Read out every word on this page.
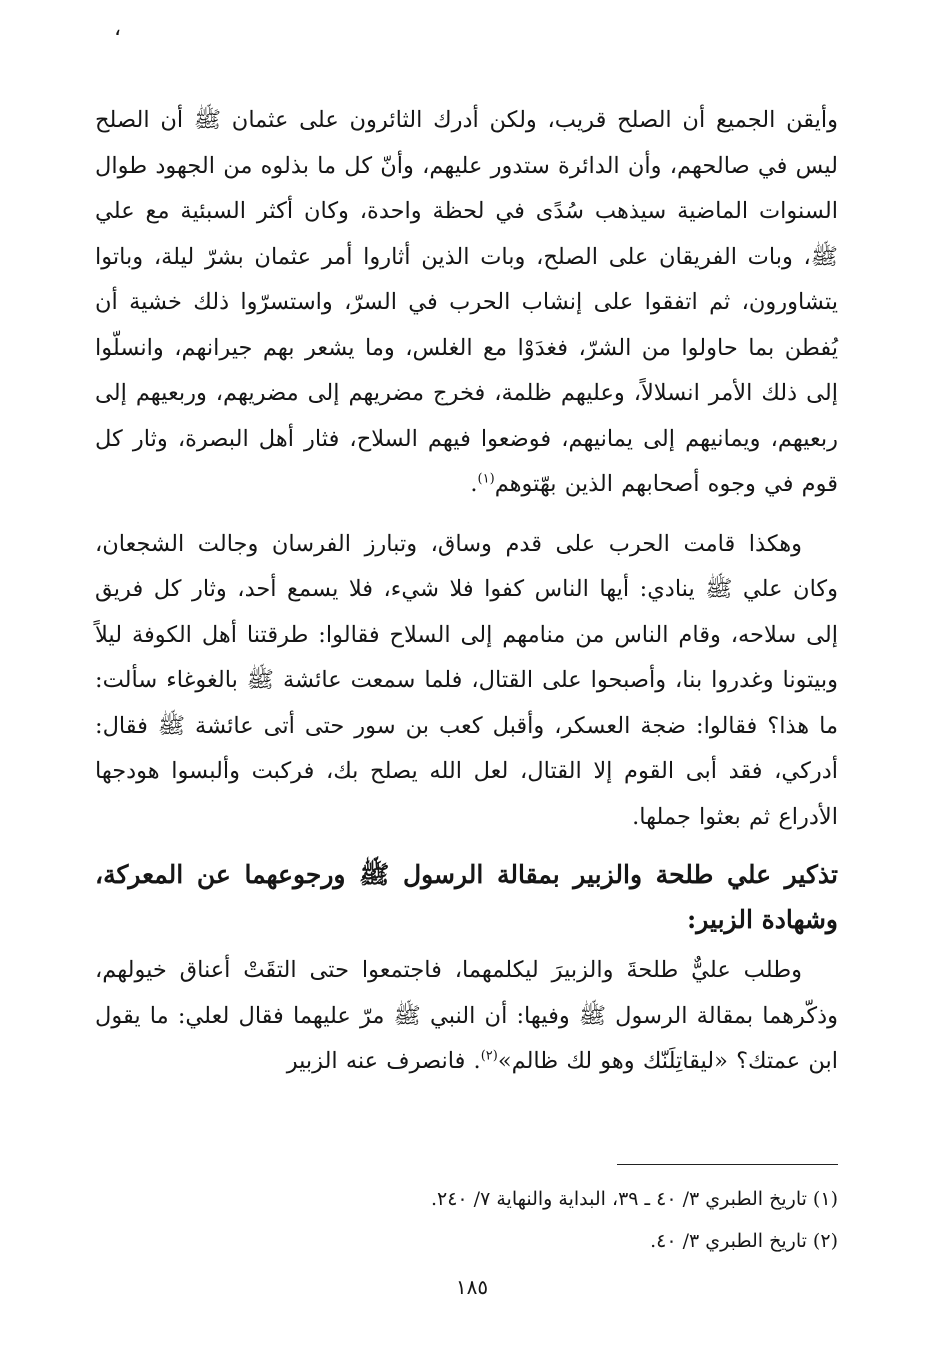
،

وأيقن الجميع أن الصلح قريب، ولكن أدرك الثائرون على عثمان ﷺ أن الصلح ليس في صالحهم، وأن الدائرة ستدور عليهم، وأنّ كل ما بذلوه من الجهود طوال السنوات الماضية سيذهب سُدًى في لحظة واحدة، وكان أكثر السبئية مع علي ﷺ، وبات الفريقان على الصلح، وبات الذين أثاروا أمر عثمان بشرّ ليلة، وباتوا يتشاورون، ثم اتفقوا على إنشاب الحرب في السرّ، واستسرّوا ذلك خشية أن يُفطن بما حاولوا من الشرّ، فغدَوْا مع الغلس، وما يشعر بهم جيرانهم، وانسلّوا إلى ذلك الأمر انسلالاً، وعليهم ظلمة، فخرج مضريهم إلى مضريهم، وربعيهم إلى ربعيهم، ويمانيهم إلى يمانيهم، فوضعوا فيهم السلاح، فثار أهل البصرة، وثار كل قوم في وجوه أصحابهم الذين بهّتوهم$^{(١)}$.

وهكذا قامت الحرب على قدم وساق، وتبارز الفرسان وجالت الشجعان، وكان علي ﷺ ينادي: أيها الناس كفوا فلا شيء، فلا يسمع أحد، وثار كل فريق إلى سلاحه، وقام الناس من منامهم إلى السلاح فقالوا: طرقتنا أهل الكوفة ليلاً وبيتونا وغدروا بنا، وأصبحوا على القتال، فلما سمعت عائشة ﷺ بالغوغاء سألت: ما هذا؟ فقالوا: ضجة العسكر، وأقبل كعب بن سور حتى أتى عائشة ﷺ فقال: أدركي، فقد أبى القوم إلا القتال، لعل الله يصلح بك، فركبت وألبسوا هودجها الأدراع ثم بعثوا جملها.

تذكير علي طلحة والزبير بمقالة الرسول ﷺ ورجوعهما عن المعركة، وشهادة الزبير:

وطلب عليٌّ طلحةَ والزبيرَ ليكلمهما، فاجتمعوا حتى التقَتْ أعناق خيولهم، وذكّرهما بمقالة الرسول ﷺ وفيها: أن النبي ﷺ مرّ عليهما فقال لعلي: ما يقول ابن عمتك؟ «ليقاتِلَنّك وهو لك ظالم»$^{(٢)}$. فانصرف عنه الزبير

(١) تاريخ الطبري ٣/ ٤٠ ـ ٣٩، البداية والنهاية ٧/ ٢٤٠.

(٢) تاريخ الطبري ٣/ ٤٠.

١٨٥
